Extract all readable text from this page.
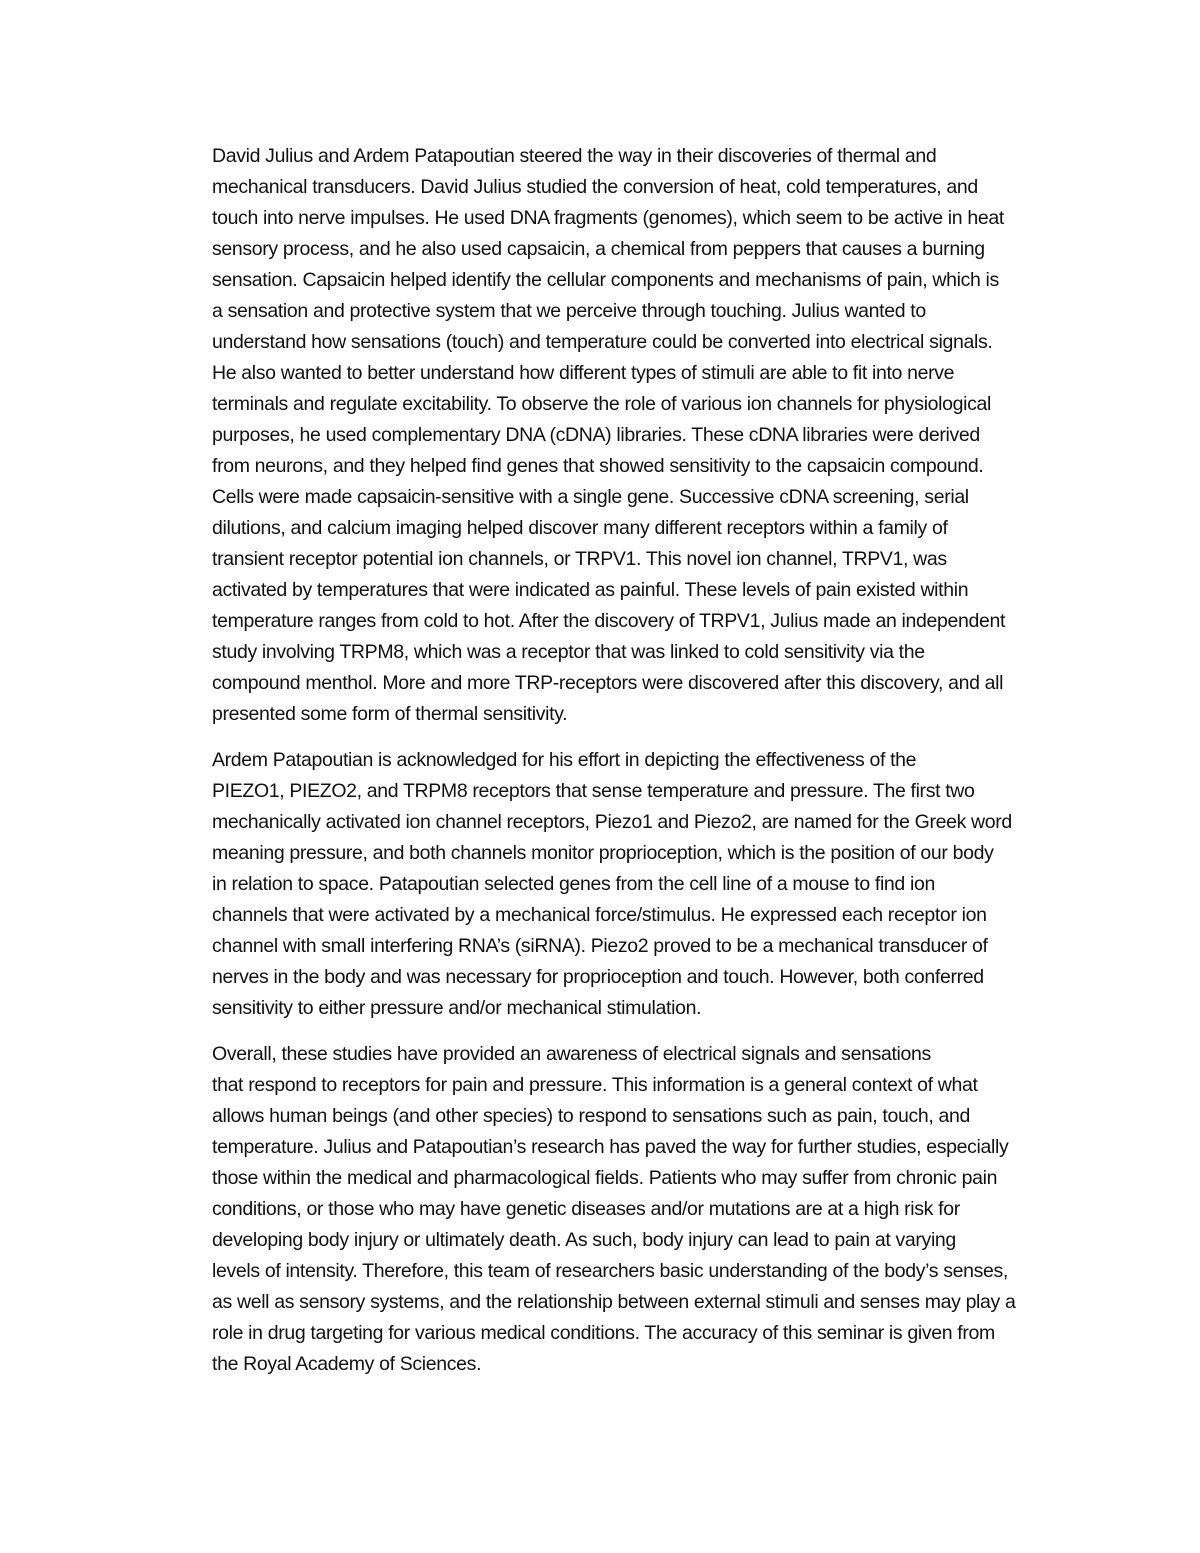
David Julius and Ardem Patapoutian steered the way in their discoveries of thermal and
mechanical transducers. David Julius studied the conversion of heat, cold temperatures, and
touch into nerve impulses. He used DNA fragments (genomes), which seem to be active in heat
sensory process, and he also used capsaicin, a chemical from peppers that causes a burning
sensation. Capsaicin helped identify the cellular components and mechanisms of pain, which is
a sensation and protective system that we perceive through touching. Julius wanted to
understand how sensations (touch) and temperature could be converted into electrical signals.
He also wanted to better understand how different types of stimuli are able to fit into nerve
terminals and regulate excitability. To observe the role of various ion channels for physiological
purposes, he used complementary DNA (cDNA) libraries. These cDNA libraries were derived
from neurons, and they helped find genes that showed sensitivity to the capsaicin compound.
Cells were made capsaicin-sensitive with a single gene. Successive cDNA screening, serial
dilutions, and calcium imaging helped discover many different receptors within a family of
transient receptor potential ion channels, or TRPV1. This novel ion channel, TRPV1, was
activated by temperatures that were indicated as painful. These levels of pain existed within
temperature ranges from cold to hot. After the discovery of TRPV1, Julius made an independent
study involving TRPM8, which was a receptor that was linked to cold sensitivity via the
compound menthol. More and more TRP-receptors were discovered after this discovery, and all
presented some form of thermal sensitivity.

Ardem Patapoutian is acknowledged for his effort in depicting the effectiveness of the
PIEZO1, PIEZO2, and TRPM8 receptors that sense temperature and pressure. The first two
mechanically activated ion channel receptors, Piezo1 and Piezo2, are named for the Greek word
meaning pressure, and both channels monitor proprioception, which is the position of our body
in relation to space. Patapoutian selected genes from the cell line of a mouse to find ion
channels that were activated by a mechanical force/stimulus. He expressed each receptor ion
channel with small interfering RNA’s (siRNA). Piezo2 proved to be a mechanical transducer of
nerves in the body and was necessary for proprioception and touch. However, both conferred
sensitivity to either pressure and/or mechanical stimulation.

Overall, these studies have provided an awareness of electrical signals and sensations
that respond to receptors for pain and pressure. This information is a general context of what
allows human beings (and other species) to respond to sensations such as pain, touch, and
temperature. Julius and Patapoutian’s research has paved the way for further studies, especially
those within the medical and pharmacological fields. Patients who may suffer from chronic pain
conditions, or those who may have genetic diseases and/or mutations are at a high risk for
developing body injury or ultimately death. As such, body injury can lead to pain at varying
levels of intensity. Therefore, this team of researchers basic understanding of the body’s senses,
as well as sensory systems, and the relationship between external stimuli and senses may play a
role in drug targeting for various medical conditions. The accuracy of this seminar is given from
the Royal Academy of Sciences.
